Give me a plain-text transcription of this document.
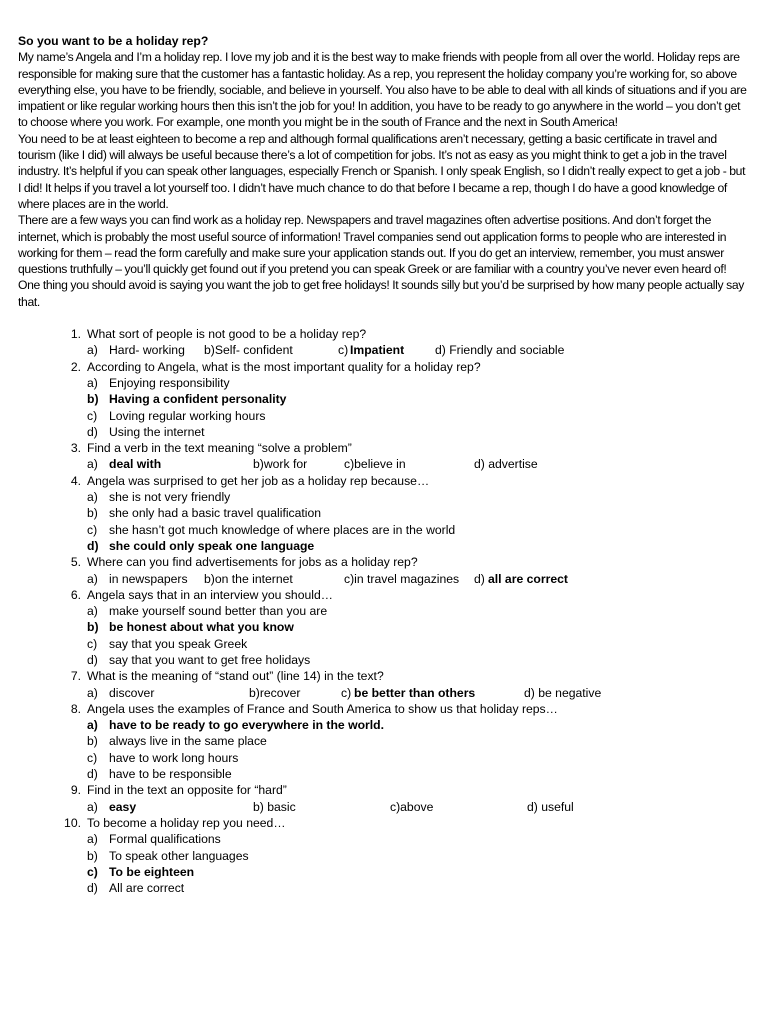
So you want to be a holiday rep?

My name’s Angela and I’m a holiday rep. I love my job and it is the best way to make friends with people from all over the world. Holiday reps are responsible for making sure that the customer has a fantastic holiday. As a rep, you represent the holiday company you’re working for, so above everything else, you have to be friendly, sociable, and believe in yourself. You also have to be able to deal with all kinds of situations and if you are impatient or like regular working hours then this isn’t the job for you! In addition, you have to be ready to go anywhere in the world – you don’t get to choose where you work. For example, one month you might be in the south of France and the next in South America!

You need to be at least eighteen to become a rep and although formal qualifications aren’t necessary, getting a basic certificate in travel and tourism (like I did) will always be useful because there’s a lot of competition for jobs. It’s not as easy as you might think to get a job in the travel industry. It’s helpful if you can speak other languages, especially French or Spanish. I only speak English, so I didn’t really expect to get a job - but I did! It helps if you travel a lot yourself too. I didn’t have much chance to do that before I became a rep, though I do have a good knowledge of where places are in the world.

There are a few ways you can find work as a holiday rep. Newspapers and travel magazines often advertise positions. And don’t forget the internet, which is probably the most useful source of information! Travel companies send out application forms to people who are interested in working for them – read the form carefully and make sure your application stands out. If you do get an interview, remember, you must answer questions truthfully – you’ll quickly get found out if you pretend you can speak Greek or are familiar with a country you’ve never even heard of! One thing you should avoid is saying you want the job to get free holidays! It sounds silly but you’d be surprised by how many people actually say that.

1. What sort of people is not good to be a holiday rep?
a) Hard- working b)Self- confident	c) Impatient	d) Friendly and sociable
2. According to Angela, what is the most important quality for a holiday rep?
a) Enjoying responsibility
b) Having a confident personality
c) Loving regular working hours
d) Using the internet
3. Find a verb in the text meaning “solve a problem”
a) deal with	b)work for	c)believe in	d) advertise
4. Angela was surprised to get her job as a holiday rep because…
a) she is not very friendly
b) she only had a basic travel qualification
c) she hasn’t got much knowledge of where places are in the world
d) she could only speak one language
5. Where can you find advertisements for jobs as a holiday rep?
a) in newspapers b)on the internet	c)in travel magazines d) all are correct
6. Angela says that in an interview you should…
a) make yourself sound better than you are
b) be honest about what you know
c) say that you speak Greek
d) say that you want to get free holidays
7. What is the meaning of “stand out” (line 14) in the text?
a) discover	b)recover	c) be better than others	d) be negative
8. Angela uses the examples of France and South America to show us that holiday reps…
a) have to be ready to go everywhere in the world.
b) always live in the same place
c) have to work long hours
d) have to be responsible
9. Find in the text an opposite for “hard”
a) easy	b) basic	c)above	d) useful
10. To become a holiday rep you need…
a) Formal qualifications
b) To speak other languages
c) To be eighteen
d) All are correct
